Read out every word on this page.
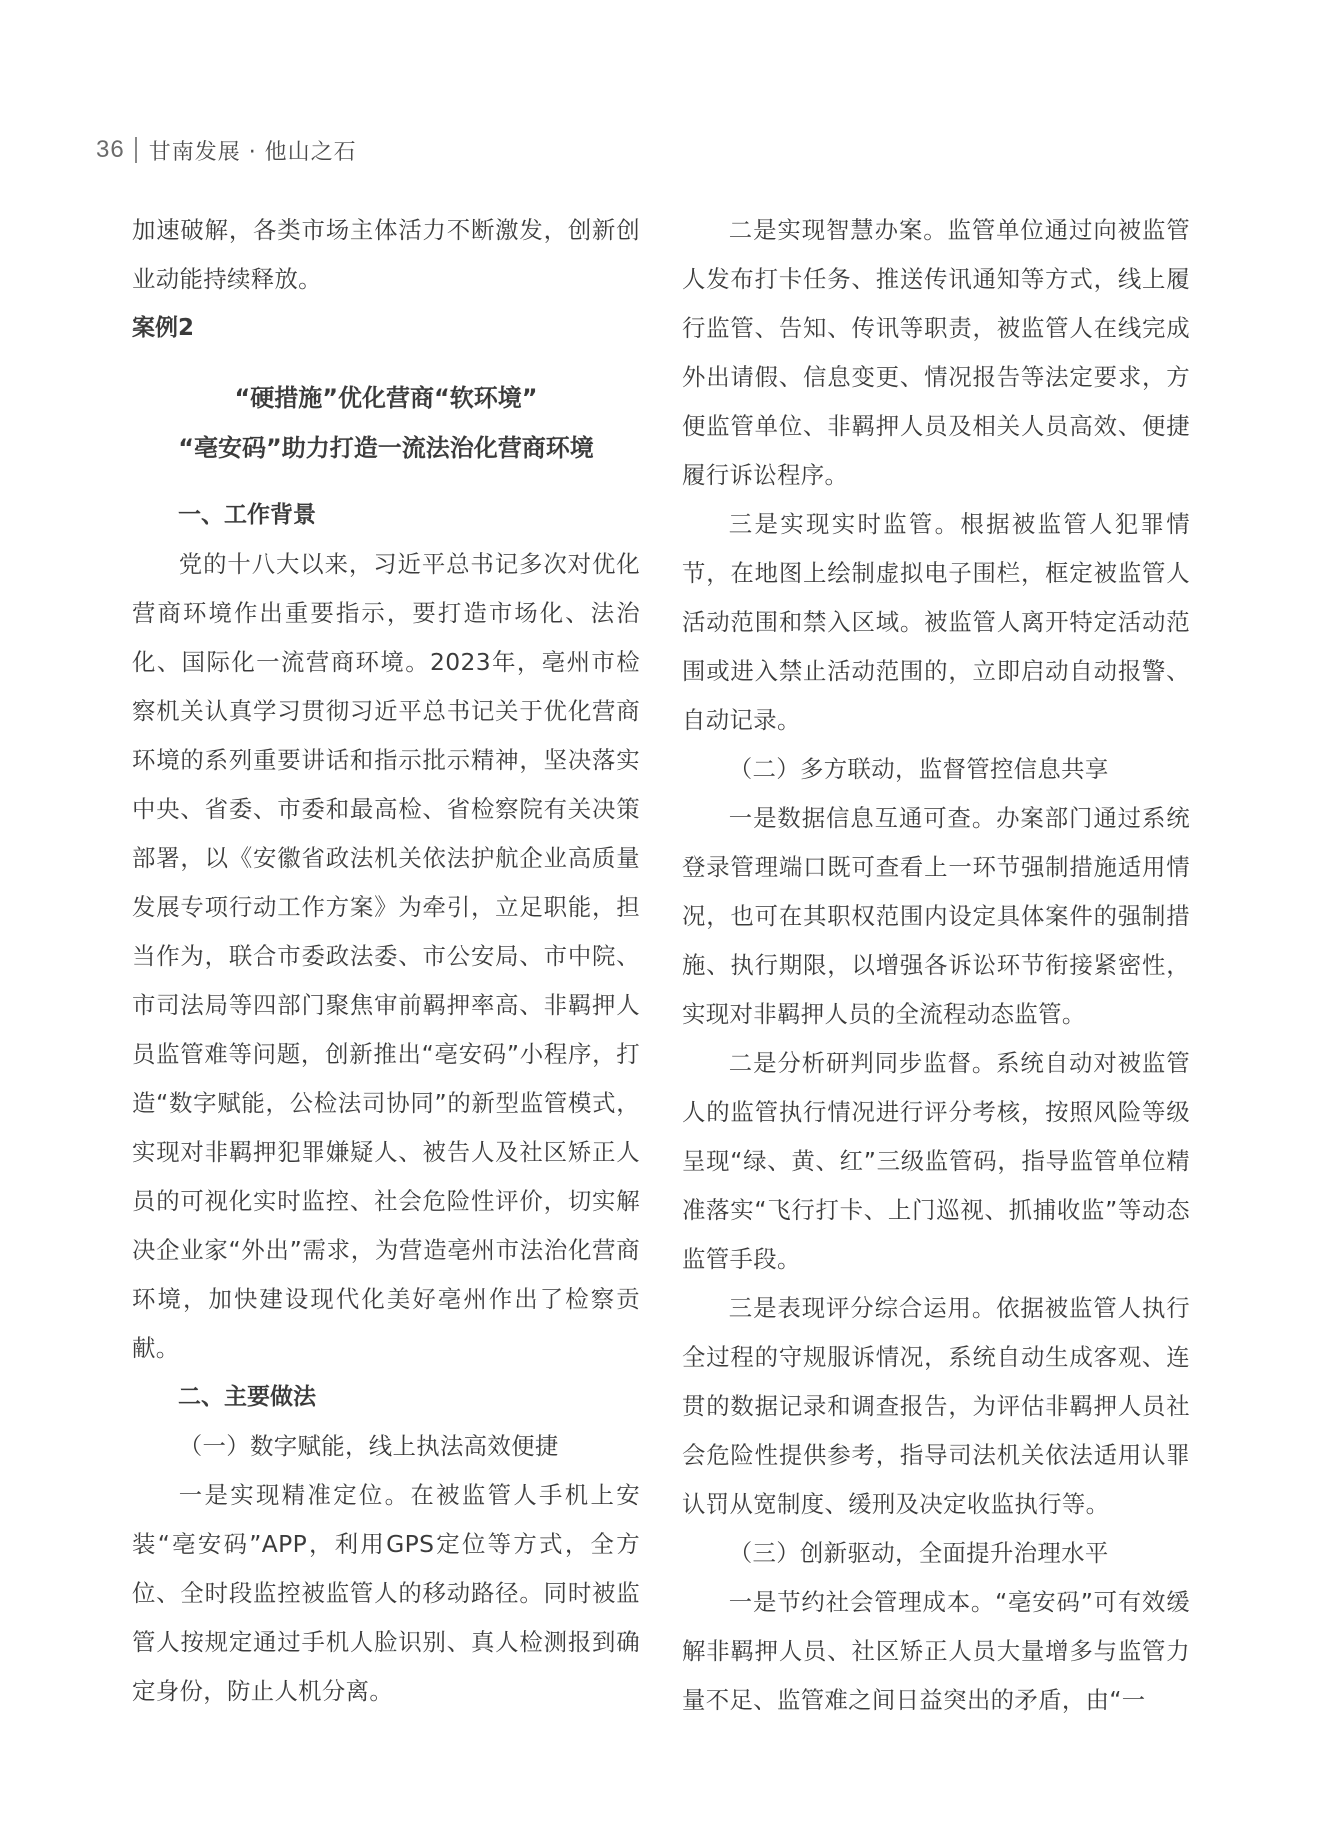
36 甘南发展 · 他山之石

加速破解，各类市场主体活力不断激发，创新创业动能持续释放。

案例2

“硬措施”优化营商“软环境”

“亳安码”助力打造一流法治化营商环境

一、工作背景

党的十八大以来，习近平总书记多次对优化营商环境作出重要指示，要打造市场化、法治化、国际化一流营商环境。2023年，亳州市检察机关认真学习贯彻习近平总书记关于优化营商环境的系列重要讲话和指示批示精神，坚决落实中央、省委、市委和最高检、省检察院有关决策部署，以《安徽省政法机关依法护航企业高质量发展专项行动工作方案》为牵引，立足职能，担当作为，联合市委政法委、市公安局、市中院、市司法局等四部门聚焦审前羁押率高、非羁押人员监管难等问题，创新推出“亳安码”小程序，打造“数字赋能，公检法司协同”的新型监管模式，实现对非羁押犯罪嫌疑人、被告人及社区矫正人员的可视化实时监控、社会危险性评价，切实解决企业家“外出”需求，为营造亳州市法治化营商环境，加快建设现代化美好亳州作出了检察贡献。

二、主要做法

（一）数字赋能，线上执法高效便捷

一是实现精准定位。在被监管人手机上安装“亳安码”APP，利用GPS定位等方式，全方位、全时段监控被监管人的移动路径。同时被监管人按规定通过手机人脸识别、真人检测报到确定身份，防止人机分离。

二是实现智慧办案。监管单位通过向被监管人发布打卡任务、推送传讯通知等方式，线上履行监管、告知、传讯等职责，被监管人在线完成外出请假、信息变更、情况报告等法定要求，方便监管单位、非羁押人员及相关人员高效、便捷履行诉讼程序。

三是实现实时监管。根据被监管人犯罪情节，在地图上绘制虚拟电子围栏，框定被监管人活动范围和禁入区域。被监管人离开特定活动范围或进入禁止活动范围的，立即启动自动报警、自动记录。

（二）多方联动，监督管控信息共享

一是数据信息互通可查。办案部门通过系统登录管理端口既可查看上一环节强制措施适用情况，也可在其职权范围内设定具体案件的强制措施、执行期限，以增强各诉讼环节衔接紧密性，实现对非羁押人员的全流程动态监管。

二是分析研判同步监督。系统自动对被监管人的监管执行情况进行评分考核，按照风险等级呈现“绿、黄、红”三级监管码，指导监管单位精准落实“飞行打卡、上门巡视、抓捕收监”等动态监管手段。

三是表现评分综合运用。依据被监管人执行全过程的守规服诉情况，系统自动生成客观、连贯的数据记录和调查报告，为评估非羁押人员社会危险性提供参考，指导司法机关依法适用认罪认罚从宽制度、缓刑及决定收监执行等。

（三）创新驱动，全面提升治理水平

一是节约社会管理成本。“亳安码”可有效缓解非羁押人员、社区矫正人员大量增多与监管力量不足、监管难之间日益突出的矛盾，由“一
